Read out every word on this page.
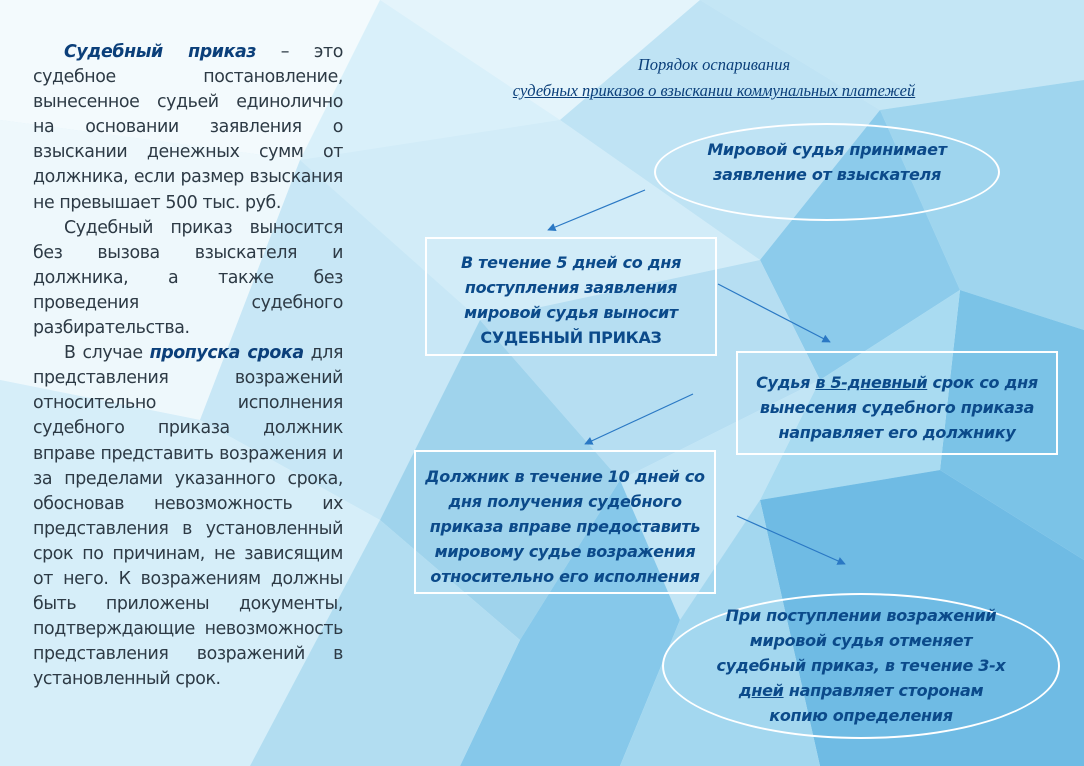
Судебный приказ – это судебное постановление, вынесенное судьей единолично на основании заявления о взыскании денежных сумм от должника, если размер взыскания не превышает 500 тыс. руб.

Судебный приказ выносится без вызова взыскателя и должника, а также без проведения судебного разбирательства.

В случае пропуска срока для представления возражений относительно исполнения судебного приказа должник вправе представить возражения и за пределами указанного срока, обосновав невозможность их представления в установленный срок по причинам, не зависящим от него. К возражениям должны быть приложены документы, подтверждающие невозможность представления возражений в установленный срок.

Порядок оспаривания
судебных приказов о взыскании коммунальных платежей
Мировой судья принимает заявление от взыскателя
В течение 5 дней со дня поступления заявления мировой судья выносит СУДЕБНЫЙ ПРИКАЗ
Судья в 5-дневный срок со дня вынесения судебного приказа направляет его должнику
Должник в течение 10 дней со дня получения судебного приказа вправе предоставить мировому судье возражения относительно его исполнения
При поступлении возражений мировой судья отменяет судебный приказ, в течение 3-х дней направляет сторонам копию определения
